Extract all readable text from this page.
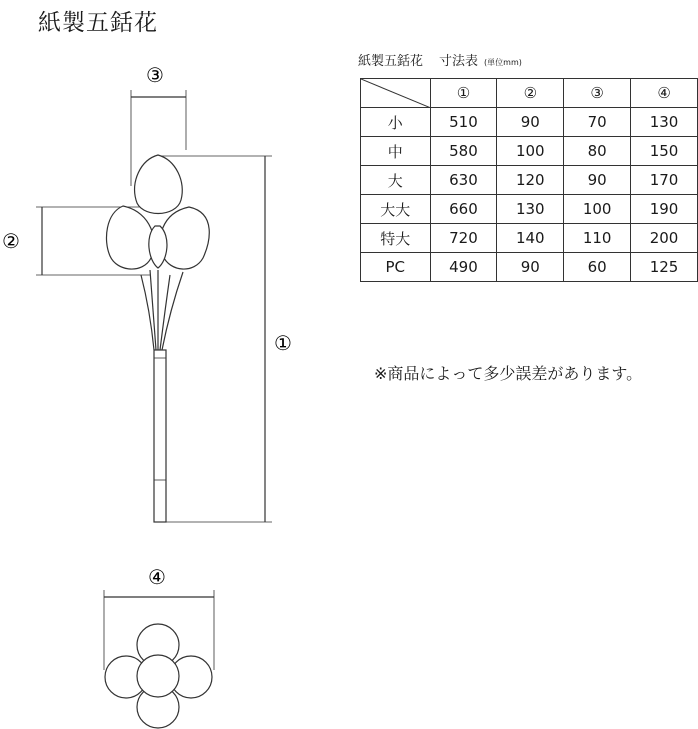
紙製五銛花
③
②
①
④
紙製五銛花 寸法表 (単位mm)
	①	②	③	④
小	510	90	70	130
中	580	100	80	150
大	630	120	90	170
大大	660	130	100	190
特大	720	140	110	200
PC	490	90	60	125
※商品によって多少誤差があります。
